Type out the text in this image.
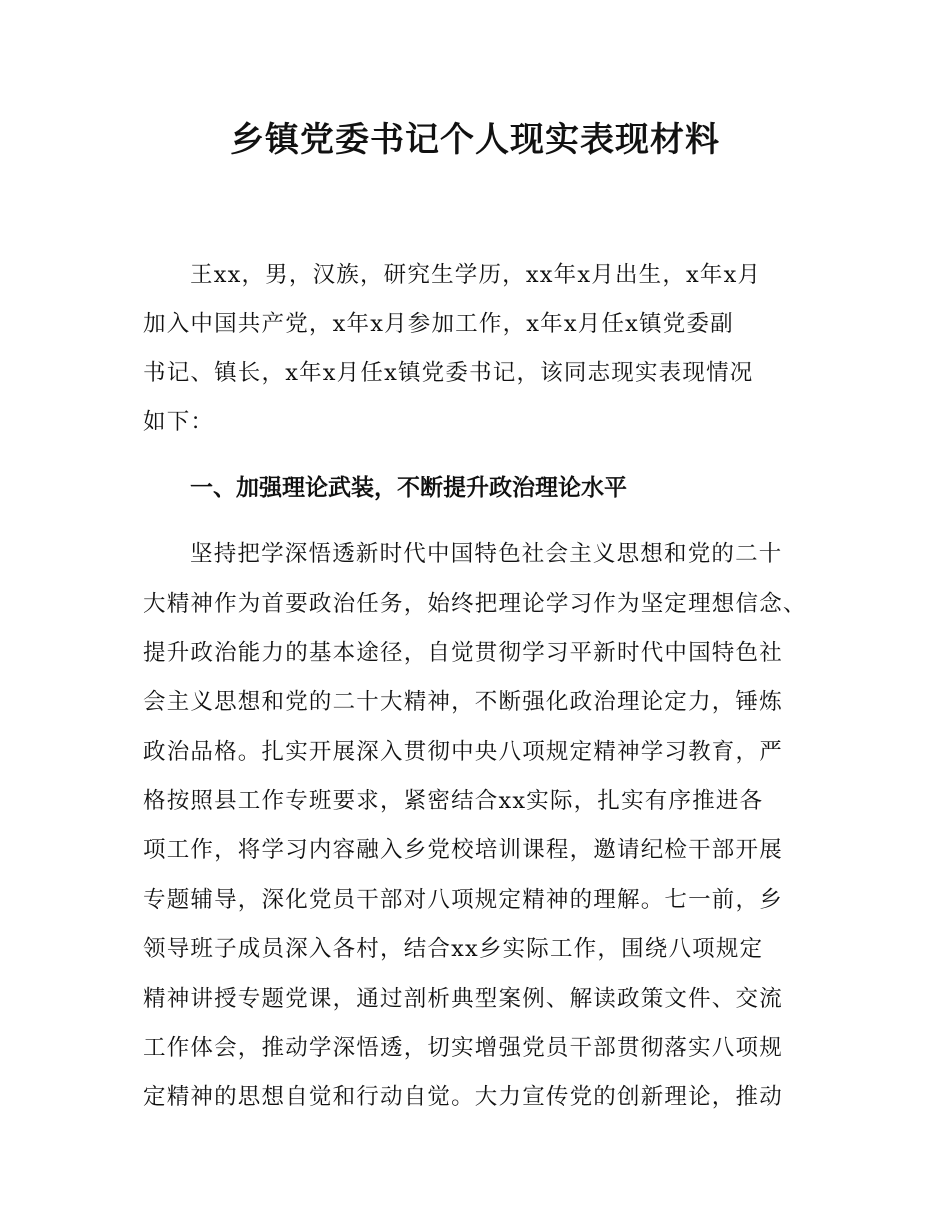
乡镇党委书记个人现实表现材料
王xx，男，汉族，研究生学历，xx年x月出生，x年x月
加入中国共产党，x年x月参加工作，x年x月任x镇党委副
书记、镇长，x年x月任x镇党委书记，该同志现实表现情况
如下：
一、加强理论武装，不断提升政治理论水平
坚持把学深悟透新时代中国特色社会主义思想和党的二十
大精神作为首要政治任务，始终把理论学习作为坚定理想信念、
提升政治能力的基本途径，自觉贯彻学习平新时代中国特色社
会主义思想和党的二十大精神，不断强化政治理论定力，锤炼
政治品格。扎实开展深入贯彻中央八项规定精神学习教育，严
格按照县工作专班要求，紧密结合xx实际，扎实有序推进各
项工作，将学习内容融入乡党校培训课程，邀请纪检干部开展
专题辅导，深化党员干部对八项规定精神的理解。七一前，乡
领导班子成员深入各村，结合xx乡实际工作，围绕八项规定
精神讲授专题党课，通过剖析典型案例、解读政策文件、交流
工作体会，推动学深悟透，切实增强党员干部贯彻落实八项规
定精神的思想自觉和行动自觉。大力宣传党的创新理论，推动
